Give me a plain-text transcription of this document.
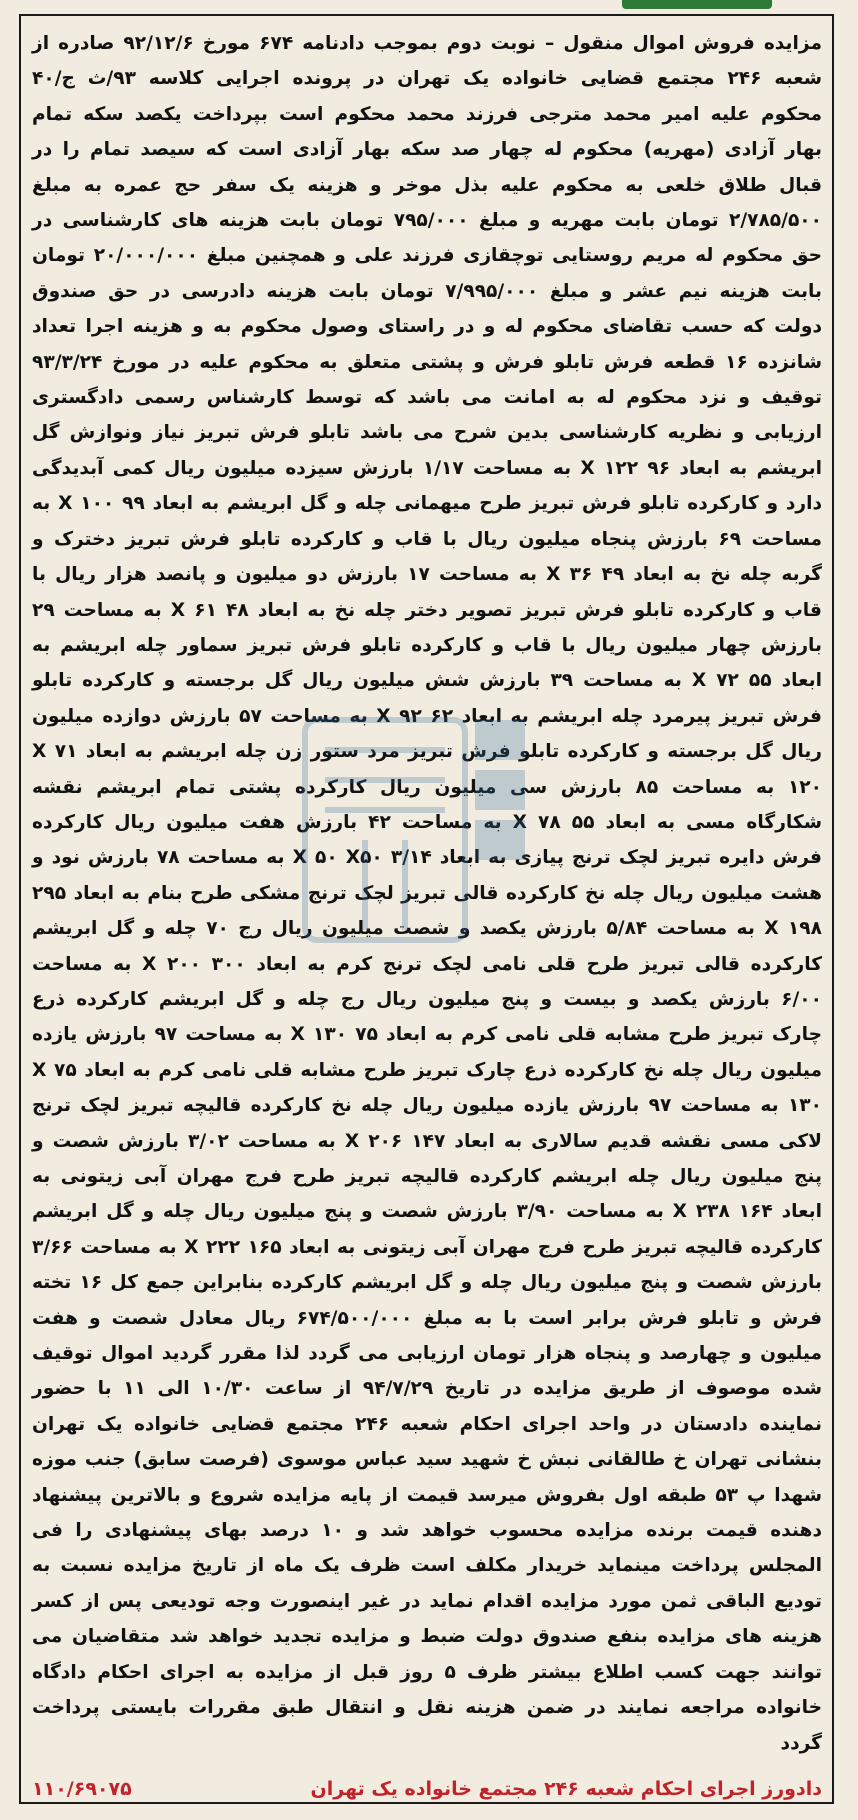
مزایده فروش اموال منقول – نوبت دوم بموجب دادنامه ۶۷۴ مورخ ۹۲/۱۲/۶ صادره از شعبه ۲۴۶ مجتمع قضایی خانواده یک تهران در پرونده اجرایی کلاسه ۹۳/ث ج/۴۰ محکوم علیه امیر محمد مترجی فرزند محمد محکوم است بپرداخت یکصد سکه تمام بهار آزادی (مهریه) محکوم له چهار صد سکه بهار آزادی است که سیصد تمام را در قبال طلاق خلعی به محکوم علیه بذل موخر و هزینه یک سفر حج عمره به مبلغ ۲/۷۸۵/۵۰۰ تومان بابت مهریه و مبلغ ۷۹۵/۰۰۰ تومان بابت هزینه های کارشناسی در حق محکوم له مریم روستایی توچقازی فرزند علی و همچنین مبلغ ۲۰/۰۰۰/۰۰۰ تومان بابت هزینه نیم عشر و مبلغ ۷/۹۹۵/۰۰۰ تومان بابت هزینه دادرسی در حق صندوق دولت که حسب تقاضای محکوم له و در راستای وصول محکوم به و هزینه اجرا تعداد شانزده ۱۶ قطعه فرش تابلو فرش و پشتی متعلق به محکوم علیه در مورخ ۹۳/۳/۲۴ توقیف و نزد محکوم له به امانت می باشد که توسط کارشناس رسمی دادگستری ارزیابی و نظریه کارشناسی بدین شرح می باشد تابلو فرش تبریز نیاز ونوازش گل ابریشم به ابعاد ۹۶ X ۱۲۲ به مساحت ۱/۱۷ بارزش سیزده میلیون ریال کمی آبدیدگی دارد و کارکرده تابلو فرش تبریز طرح میهمانی چله و گل ابریشم به ابعاد ۹۹ X ۱۰۰ به مساحت ۶۹ بارزش پنجاه میلیون ریال با قاب و کارکرده تابلو فرش تبریز دخترک و گربه چله نخ به ابعاد ۴۹ X ۳۶ به مساحت ۱۷ بارزش دو میلیون و پانصد هزار ریال با قاب و کارکرده تابلو فرش تبریز تصویر دختر چله نخ به ابعاد ۴۸ X ۶۱ به مساحت ۲۹ بارزش چهار میلیون ریال با قاب و کارکرده تابلو فرش تبریز سماور چله ابریشم به ابعاد ۵۵ X ۷۲ به مساحت ۳۹ بارزش شش میلیون ریال گل برجسته و کارکرده تابلو فرش تبریز پیرمرد چله ابریشم به ابعاد ۶۲ X ۹۲ به مساحت ۵۷ بارزش دوازده میلیون ریال گل برجسته و کارکرده تابلو فرش تبریز مرد ستور زن چله ابریشم به ابعاد ۷۱ X ۱۲۰ به مساحت ۸۵ بارزش سی میلیون ریال کارکرده پشتی تمام ابریشم نقشه شکارگاه مسی به ابعاد ۵۵ X ۷۸ به مساحت ۴۲ بارزش هفت میلیون ریال کارکرده فرش دایره تبریز لچک ترنج پیازی به ابعاد ۳/۱۴ X ۵۰ X۵۰ به مساحت ۷۸ بارزش نود و هشت میلیون ریال چله نخ کارکرده قالی تبریز لچک ترنج مشکی طرح بنام به ابعاد ۲۹۵ X ۱۹۸ به مساحت ۵/۸۴ بارزش یکصد و شصت میلیون ریال رج ۷۰ چله و گل ابریشم کارکرده قالی تبریز طرح قلی نامی لچک ترنج کرم به ابعاد ۳۰۰ X ۲۰۰ به مساحت ۶/۰۰ بارزش یکصد و بیست و پنج میلیون ریال رج چله و گل ابریشم کارکرده ذرع چارک تبریز طرح مشابه قلی نامی کرم به ابعاد ۷۵ X ۱۳۰ به مساحت ۹۷ بارزش یازده میلیون ریال چله نخ کارکرده ذرع چارک تبریز طرح مشابه قلی نامی کرم به ابعاد ۷۵ X ۱۳۰ به مساحت ۹۷ بارزش یازده میلیون ریال چله نخ کارکرده قالیچه تبریز لچک ترنج لاکی مسی نقشه قدیم سالاری به ابعاد ۱۴۷ X ۲۰۶ به مساحت ۳/۰۲ بارزش شصت و پنج میلیون ریال چله ابریشم کارکرده قالیچه تبریز طرح فرج مهران آبی زیتونی به ابعاد ۱۶۴ X ۲۳۸ به مساحت ۳/۹۰ بارزش شصت و پنج میلیون ریال چله و گل ابریشم کارکرده قالیچه تبریز طرح فرج مهران آبی زیتونی به ابعاد ۱۶۵ X ۲۲۲ به مساحت ۳/۶۶ بارزش شصت و پنج میلیون ریال چله و گل ابریشم کارکرده بنابراین جمع کل ۱۶ تخته فرش و تابلو فرش برابر است با به مبلغ ۶۷۴/۵۰۰/۰۰۰ ریال معادل شصت و هفت میلیون و چهارصد و پنجاه هزار تومان ارزیابی می گردد لذا مقرر گردید اموال توقیف شده موصوف از طریق مزایده در تاریخ ۹۴/۷/۲۹ از ساعت ۱۰/۳۰ الی ۱۱ با حضور نماینده دادستان در واحد اجرای احکام شعبه ۲۴۶ مجتمع قضایی خانواده یک تهران بنشانی تهران خ طالقانی نبش خ شهید سید عباس موسوی (فرصت سابق) جنب موزه شهدا پ ۵۳ طبقه اول بفروش میرسد قیمت از پایه مزایده شروع و بالاترین پیشنهاد دهنده قیمت برنده مزایده محسوب خواهد شد و ۱۰ درصد بهای پیشنهادی را فی المجلس پرداخت مینماید خریدار مکلف است ظرف یک ماه از تاریخ مزایده نسبت به تودیع الباقی ثمن مورد مزایده اقدام نماید در غیر اینصورت وجه تودیعی پس از کسر هزینه های مزایده بنفع صندوق دولت ضبط و مزایده تجدید خواهد شد متقاضیان می توانند جهت کسب اطلاع بیشتر ظرف ۵ روز قبل از مزایده به اجرای احکام دادگاه خانواده مراجعه نمایند در ضمن هزینه نقل و انتقال طبق مقررات بایستی پرداخت گردد
دادورز اجرای احکام شعبه ۲۴۶ مجتمع خانواده یک تهران
۱۱۰/۶۹۰۷۵
